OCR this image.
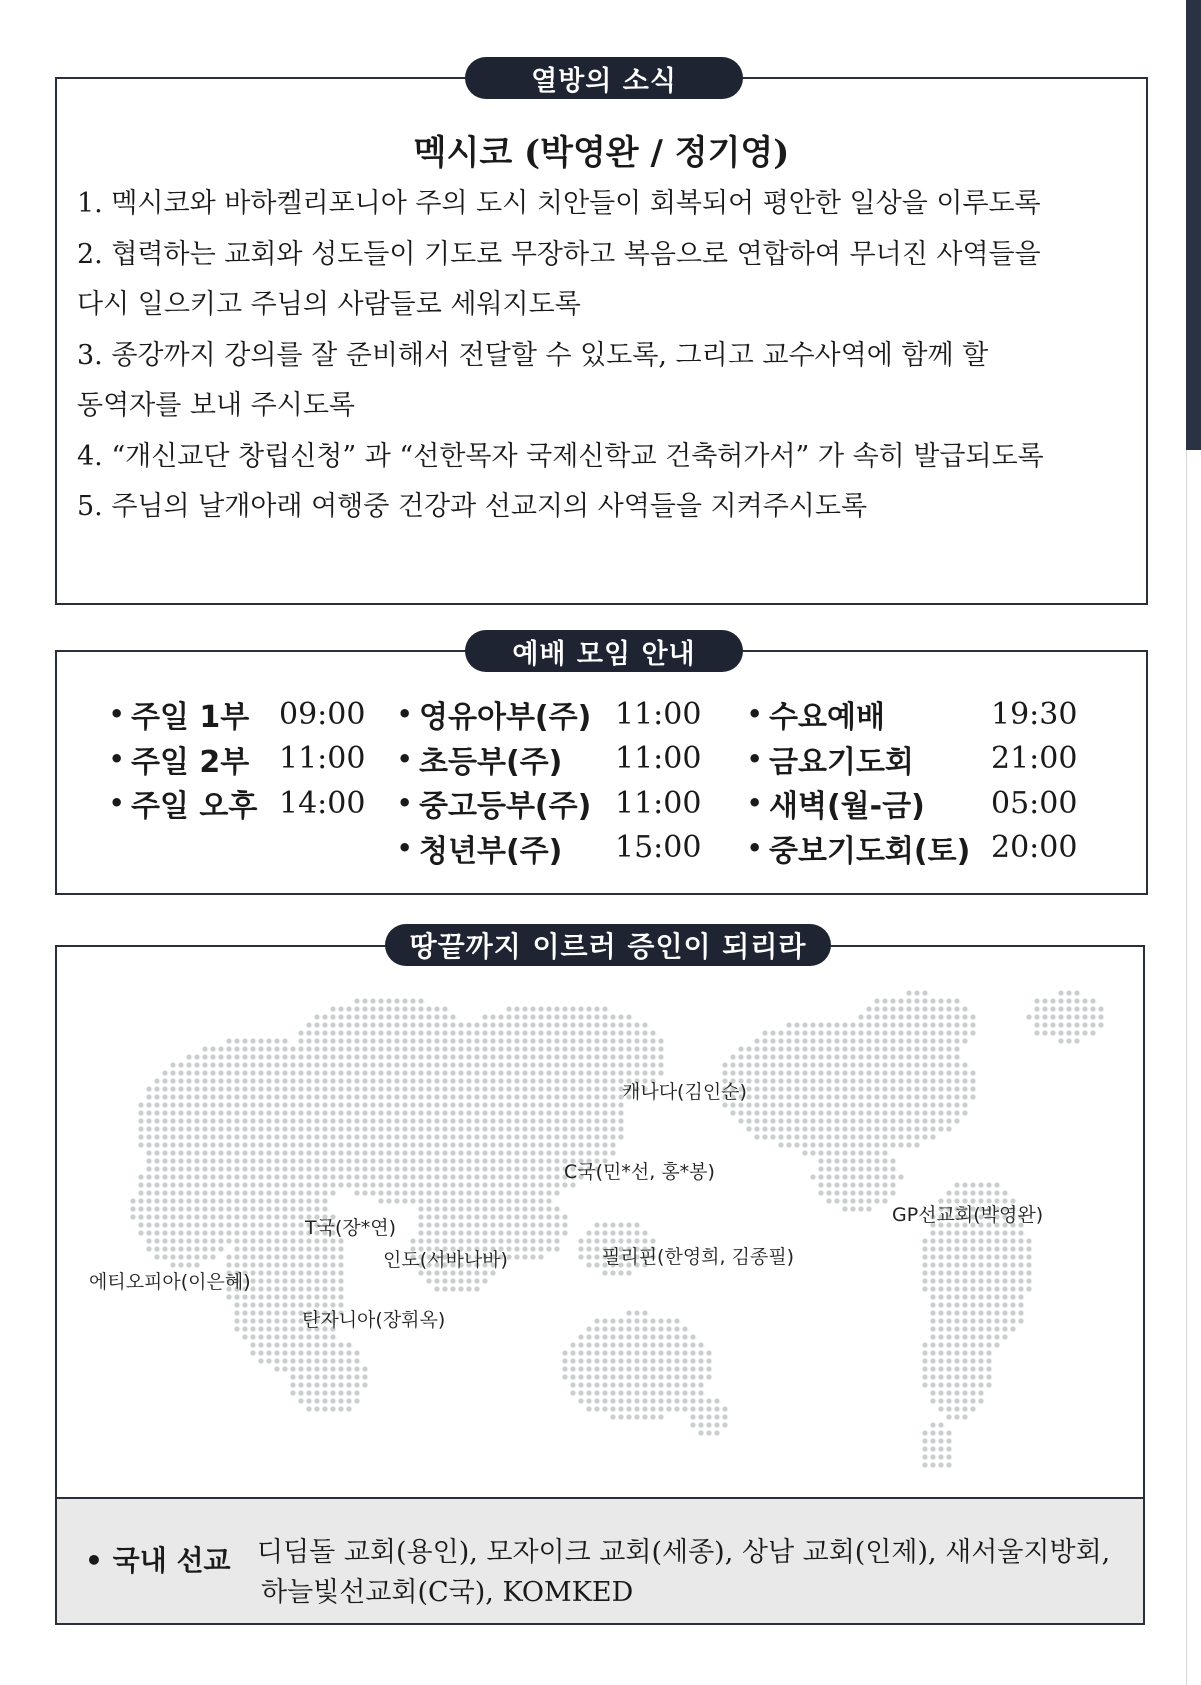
멕시코 (박영완 / 정기영)
1. 멕시코와 바하켈리포니아 주의 도시 치안들이 회복되어 평안한 일상을 이루도록
2. 협력하는 교회와 성도들이 기도로 무장하고 복음으로 연합하여 무너진 사역들을
다시 일으키고 주님의 사람들로 세워지도록
3. 종강까지 강의를 잘 준비해서 전달할 수 있도록, 그리고 교수사역에 함께 할
동역자를 보내 주시도록
4. “개신교단 창립신청” 과 “선한목자 국제신학교 건축허가서” 가 속히 발급되도록
5. 주님의 날개아래 여행중 건강과 선교지의 사역들을 지켜주시도록
열방의 소식
• 주일 1부 09:00
• 주일 2부 11:00
• 주일 오후 14:00
• 영유아부(주) 11:00
• 초등부(주)	11:00
• 중고등부(주) 11:00
• 청년부(주)	15:00
• 수요예배	19:30
• 금요기도회	21:00
• 새벽(월-금)	05:00
• 중보기도회(토) 20:00
예배 모임 안내
캐나다(김인순)
C국(민*선, 홍*봉)
GP선교회(박영완)
T국(장*연)
인도(서바나바)	필리핀(한영희, 김종필)
에티오피아(이은혜)
탄자니아(장휘옥)
• 국내 선교 디딤돌 교회(용인), 모자이크 교회(세종), 상남 교회(인제), 새서울지방회,
하늘빛선교회(C국), KOMKED
땅끝까지 이르러 증인이 되리라
